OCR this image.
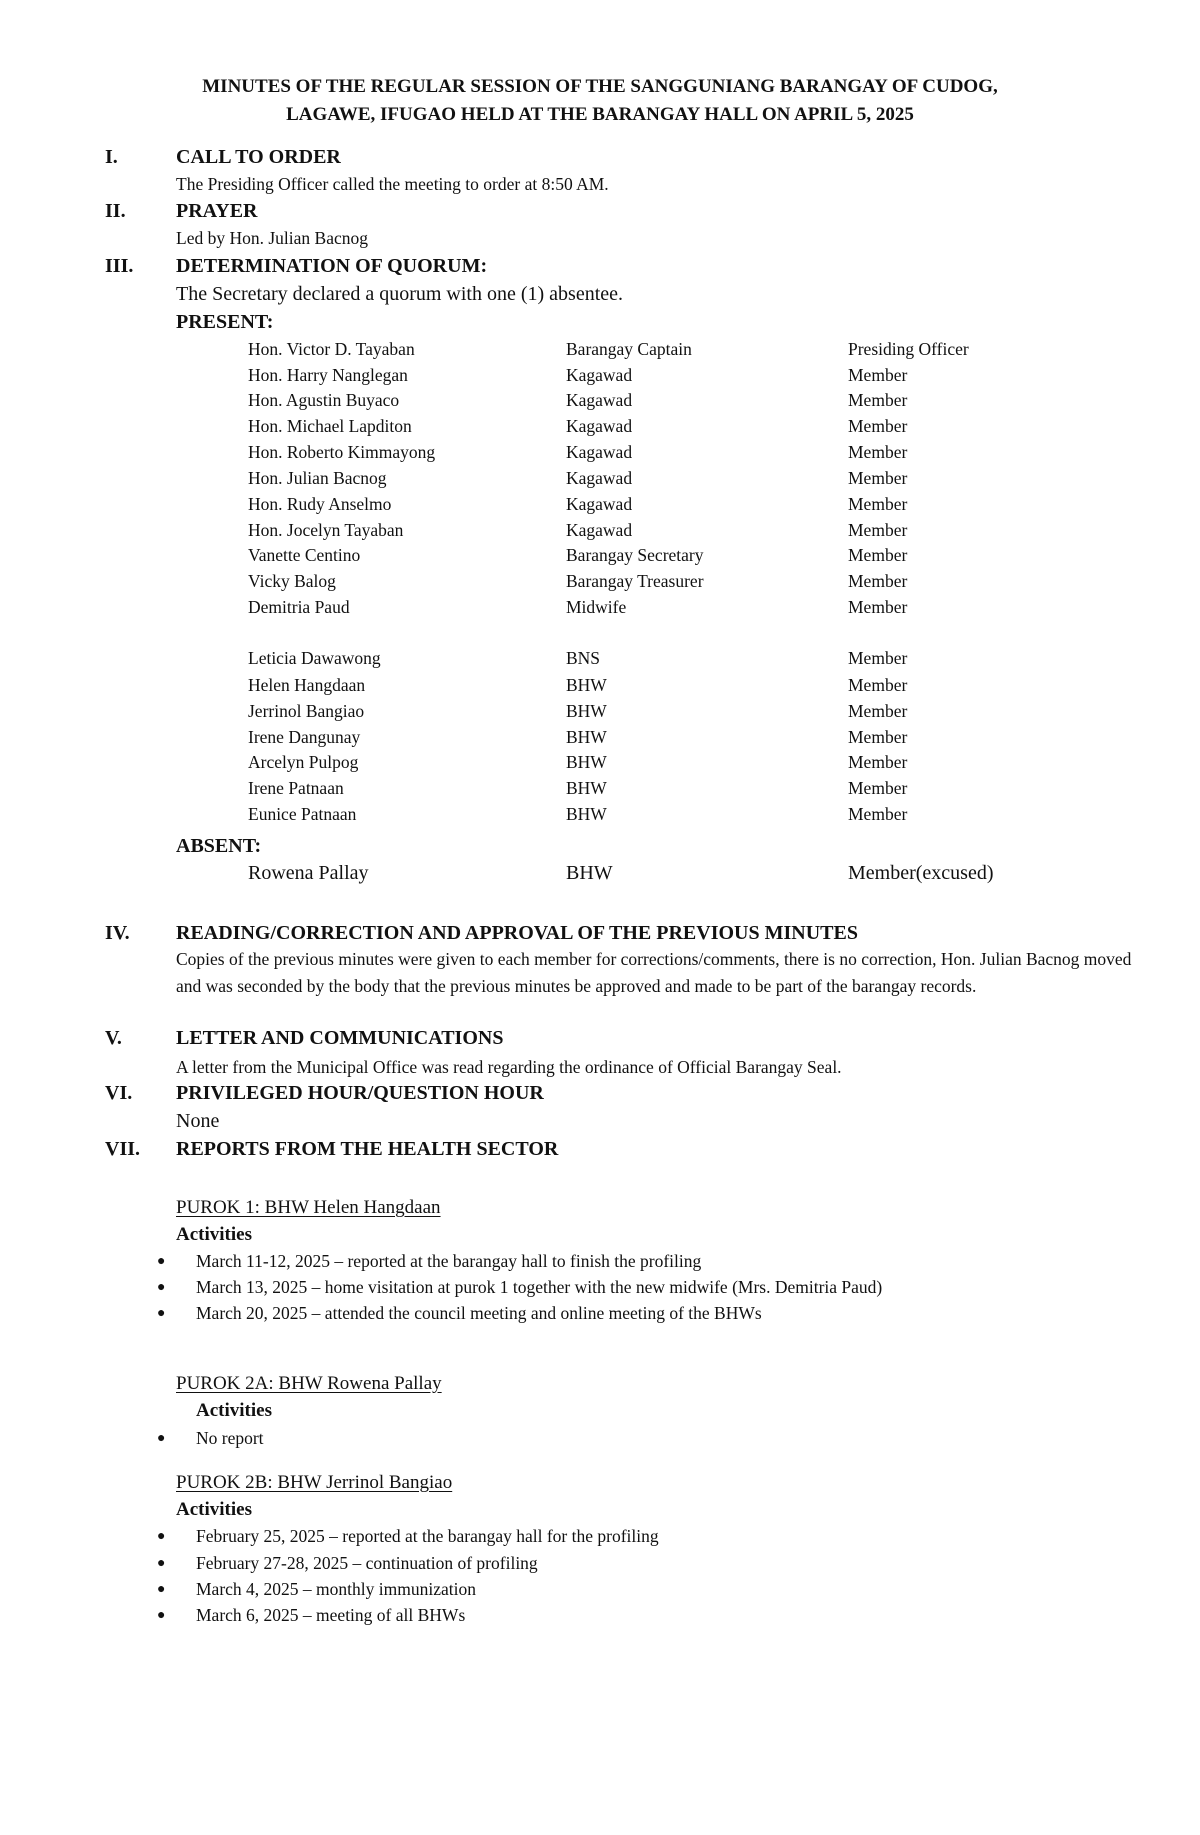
MINUTES OF THE REGULAR SESSION OF THE SANGGUNIANG BARANGAY OF CUDOG,
LAGAWE, IFUGAO HELD AT THE BARANGAY HALL ON APRIL 5, 2025
I.	CALL TO ORDER
The Presiding Officer called the meeting to order at 8:50 AM.
II.	PRAYER
Led by Hon. Julian Bacnog
III. DETERMINATION OF QUORUM:
The Secretary declared a quorum with one (1) absentee.
PRESENT:
Hon. Victor D. Tayaban	Barangay Captain	Presiding Officer
Hon. Harry Nanglegan	Kagawad	Member
Hon. Agustin Buyaco	Kagawad	Member
Hon. Michael Lapditon	Kagawad	Member
Hon. Roberto Kimmayong	Kagawad	Member
Hon. Julian Bacnog	Kagawad	Member
Hon. Rudy Anselmo	Kagawad	Member
Hon. Jocelyn Tayaban	Kagawad	Member
Vanette Centino	Barangay Secretary	Member
Vicky Balog	Barangay Treasurer	Member
Demitria Paud	Midwife	Member
Leticia Dawawong	BNS	Member
Helen Hangdaan	BHW	Member
Jerrinol Bangiao	BHW	Member
Irene Dangunay	BHW	Member
Arcelyn Pulpog	BHW	Member
Irene Patnaan	BHW	Member
Eunice Patnaan	BHW	Member
ABSENT:
Rowena Pallay	BHW	Member(excused)
IV. READING/CORRECTION AND APPROVAL OF THE PREVIOUS MINUTES
Copies of the previous minutes were given to each member for corrections/comments, there is no correction, Hon. Julian Bacnog moved and was seconded by the body that the previous minutes be approved and made to be part of the barangay records.
V.	LETTER AND COMMUNICATIONS
A letter from the Municipal Office was read regarding the ordinance of Official Barangay Seal.
VI. PRIVILEGED HOUR/QUESTION HOUR
None
VII. REPORTS FROM THE HEALTH SECTOR
PUROK 1: BHW Helen Hangdaan
Activities
● March 11-12, 2025 – reported at the barangay hall to finish the profiling
● March 13, 2025 – home visitation at purok 1 together with the new midwife (Mrs. Demitria Paud)
● March 20, 2025 – attended the council meeting and online meeting of the BHWs
PUROK 2A: BHW Rowena Pallay
Activities
● No report
PUROK 2B: BHW Jerrinol Bangiao
Activities
● February 25, 2025 – reported at the barangay hall for the profiling
● February 27-28, 2025 – continuation of profiling
● March 4, 2025 – monthly immunization
● March 6, 2025 – meeting of all BHWs
